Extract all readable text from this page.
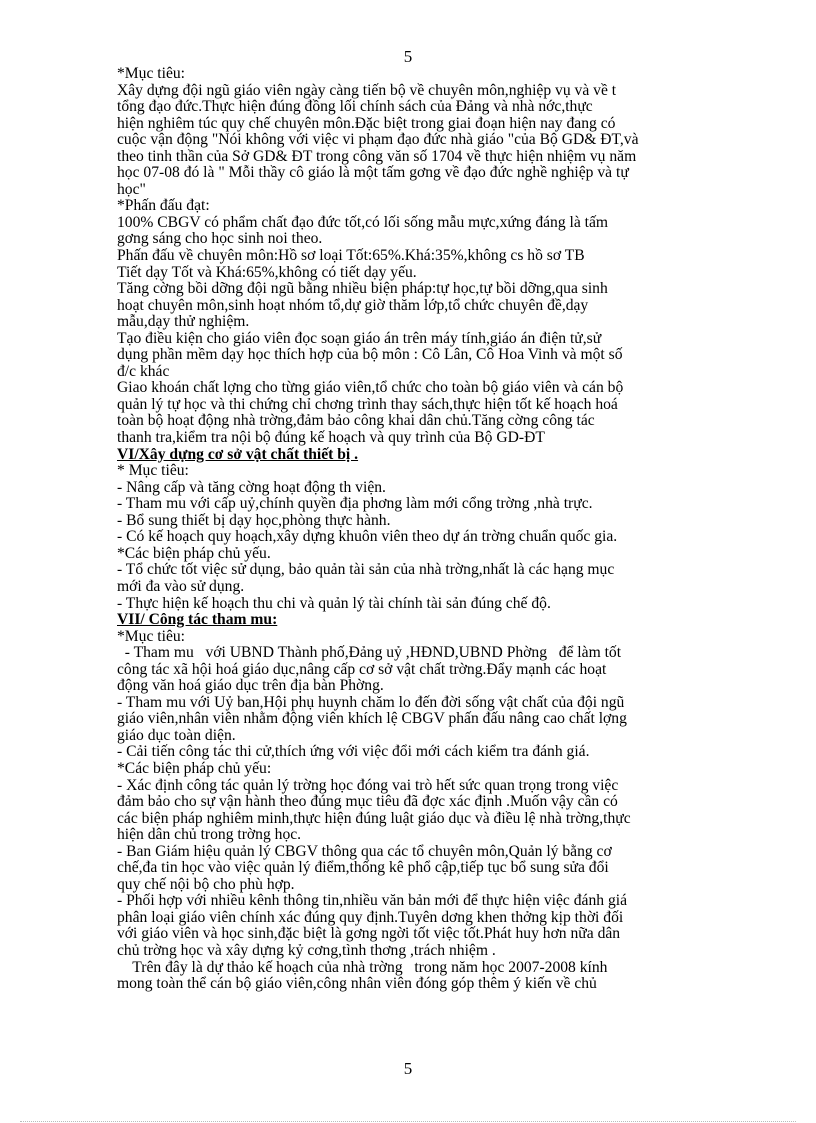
5
*Mục tiêu:
Xây dựng đội ngũ giáo viên ngày càng tiến bộ về chuyên môn,nghiệp vụ và về t
tổng đạo đức.Thực hiện đúng đồng lối chính sách của Đảng và nhà nớc,thực
hiện nghiêm túc quy chế chuyên môn.Đặc biệt trong giai đoạn hiện nay đang có
cuộc vận động "Nói không với việc vi phạm đạo đức nhà giáo "của Bộ GD& ĐT,và
theo tinh thần của Sở GD& ĐT trong công văn số 1704 về thực hiện nhiệm vụ năm
học 07-08 đó là " Mỗi thầy cô giáo là một tấm gơng về đạo đức nghề nghiệp và tự
học"
*Phấn đấu đạt:
100% CBGV có phẩm chất đạo đức tốt,có lối sống mẫu mực,xứng đáng là tấm
gơng sáng cho học sinh noi theo.
Phấn đấu về chuyên môn:Hồ sơ loại Tốt:65%.Khá:35%,không cs hồ sơ TB
Tiết dạy Tốt và Khá:65%,không có tiết dạy yếu.
Tăng cờng bồi dỡng đội ngũ bằng nhiều biện pháp:tự học,tự bồi dỡng,qua sinh
hoạt chuyên môn,sinh hoạt nhóm tổ,dự giờ thăm lớp,tổ chức chuyên đề,dạy
mẫu,dạy thử nghiệm.
Tạo điều kiện cho giáo viên đọc soạn giáo án trên máy tính,giáo án điện tử,sử
dụng phần mềm dạy học thích hợp của bộ môn : Cô Lân, Cô Hoa Vinh và một số
đ/c khác
Giao khoán chất lợng cho từng giáo viên,tổ chức cho toàn bộ giáo viên và cán bộ
quản lý tự học và thi chứng chỉ chơng trình thay sách,thực hiện tốt kế hoạch hoá
toàn bộ hoạt động nhà trờng,đảm bảo công khai dân chủ.Tăng cờng công tác
thanh tra,kiểm tra nội bộ đúng kế hoạch và quy trình của Bộ GD-ĐT
VI/Xây dựng cơ sở vật chất thiết bị .
* Mục tiêu:
- Nâng cấp và tăng cờng hoạt động th viện.
- Tham mu với cấp uỷ,chính quyền địa phơng làm mới cổng trờng ,nhà trực.
- Bổ sung thiết bị dạy học,phòng thực hành.
- Có kế hoạch quy hoạch,xây dựng khuôn viên theo dự án trờng chuẩn quốc gia.
*Các biện pháp chủ yếu.
- Tổ chức tốt việc sử dụng, bảo quản tài sản của nhà trờng,nhất là các hạng mục
mới đa vào sử dụng.
- Thực hiện kế hoạch thu chi và quản lý tài chính tài sản đúng chế độ.
VII/ Công tác tham mu:
*Mục tiêu:
- Tham mu   với UBND Thành phố,Đảng uỷ ,HĐND,UBND Phờng   để làm tốt
công tác xã hội hoá giáo dục,nâng cấp cơ sở vật chất trờng.Đẩy mạnh các hoạt
động văn hoá giáo dục trên địa bàn Phờng.
- Tham mu với Uỷ ban,Hội phụ huynh chăm lo đến đời sống vật chất của đội ngũ
giáo viên,nhân viên nhằm động viên khích lệ CBGV phấn đấu nâng cao chất lợng
giáo dục toàn diện.
- Cải tiến công tác thi cử,thích ứng với việc đổi mới cách kiểm tra đánh giá.
*Các biện pháp chủ yếu:
- Xác định công tác quản lý trờng học đóng vai trò hết sức quan trọng trong việc
đảm bảo cho sự vận hành theo đúng mục tiêu đã đợc xác định .Muốn vậy cần có
các biện pháp nghiêm minh,thực hiện đúng luật giáo dục và điều lệ nhà trờng,thực
hiện dân chủ trong trờng học.
- Ban Giám hiệu quản lý CBGV thông qua các tổ chuyên môn,Quản lý bằng cơ
chế,đa tin học vào việc quản lý điểm,thống kê phổ cập,tiếp tục bổ sung sửa đổi
quy chế nội bộ cho phù hợp.
- Phối hợp với nhiều kênh thông tin,nhiều văn bản mới để thực hiện việc đánh giá
phân loại giáo viên chính xác đúng quy định.Tuyên dơng khen thởng kịp thời đối
với giáo viên và học sinh,đặc biệt là gơng ngời tốt việc tốt.Phát huy hơn nữa dân
chủ trờng học và xây dựng kỷ cơng,tình thơng ,trách nhiệm .
Trên đây là dự thảo kế hoạch của nhà trờng   trong năm học 2007-2008 kính
mong toàn thể cán bộ giáo viên,công nhân viên đóng góp thêm ý kiến về chủ
5
